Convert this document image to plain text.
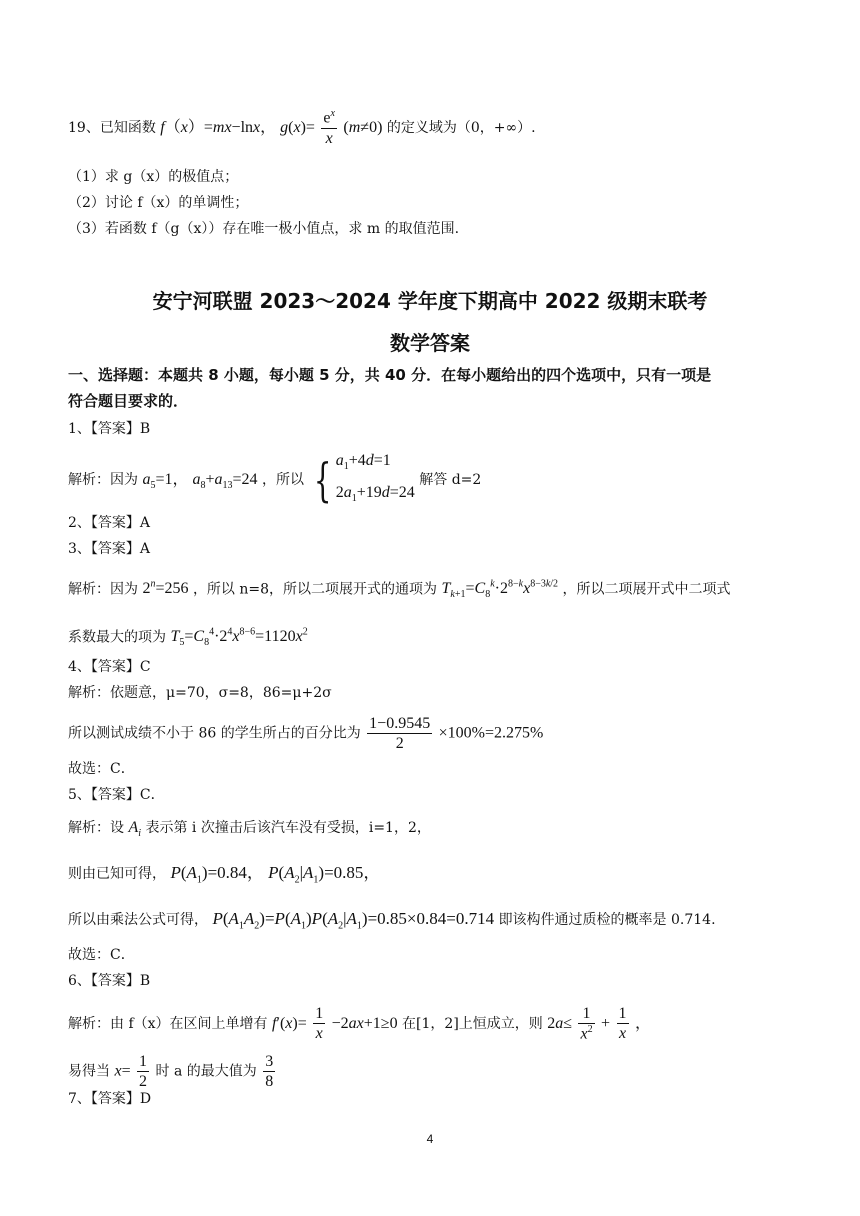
19、已知函数 f（x）=mx−lnx， $g(x)= \frac{e^x}{x} (m\ne 0)$ 的定义域为（0，+∞）.
（1）求 g（x）的极值点；
（2）讨论 f（x）的单调性；
（3）若函数 f（g（x））存在唯一极小值点，求 m 的取值范围.
安宁河联盟 2023～2024 学年度下期高中 2022 级期末联考
数学答案
一、选择题：本题共 8 小题，每小题 5 分，共 40 分．在每小题给出的四个选项中，只有一项是
符合题目要求的．
1、【答案】B
解析：因为 $a_5=1$， $a_8+a_{13}=24$ ，所以 { $a_1+4d=1$
$2a_1+19d=24$
解答 d=2
2、【答案】A
3、【答案】A
解析：因为 $2^n=256$ ，所以 n=8，所以二项展开式的通项为 $T_{k+1}=C_8^k\cdot 2^{8-k}x^{8-3k/2}$ ，所以二项展开式中二项式
系数最大的项为 $T_5=C_8^4\cdot 2^4x^{8-6}=1120x^2$
4、【答案】C
解析：依题意，μ=70，σ=8，86=μ+2σ
所以测试成绩不小于 86 的学生所占的百分比为 $\frac{1-0.9545}{2} \times 100\%=2.275\%$
故选：C．
5、【答案】C．
解析：设 $A_i$ 表示第 i 次撞击后该汽车没有受损，i=1，2，
则由已知可得， $P(A_1)=0.84$， $P(A_2|A_1)=0.85$，
所以由乘法公式可得， $P(A_1A_2)=P(A_1)P(A_2|A_1)=0.85\times 0.84=0.714$ 即该构件通过质检的概率是 0.714.
故选：C．
6、【答案】B
解析：由 f（x）在区间上单增有 $f'(x)= \frac{1}{x} -2ax+1\ge 0$ 在[1，2]上恒成立，则 $2a\le \frac{1}{x^2} + \frac{1}{x}$ ，
易得当 $x= \frac{1}{2}$ 时 a 的最大值为 $\frac{3}{8}$
7、【答案】D
4
